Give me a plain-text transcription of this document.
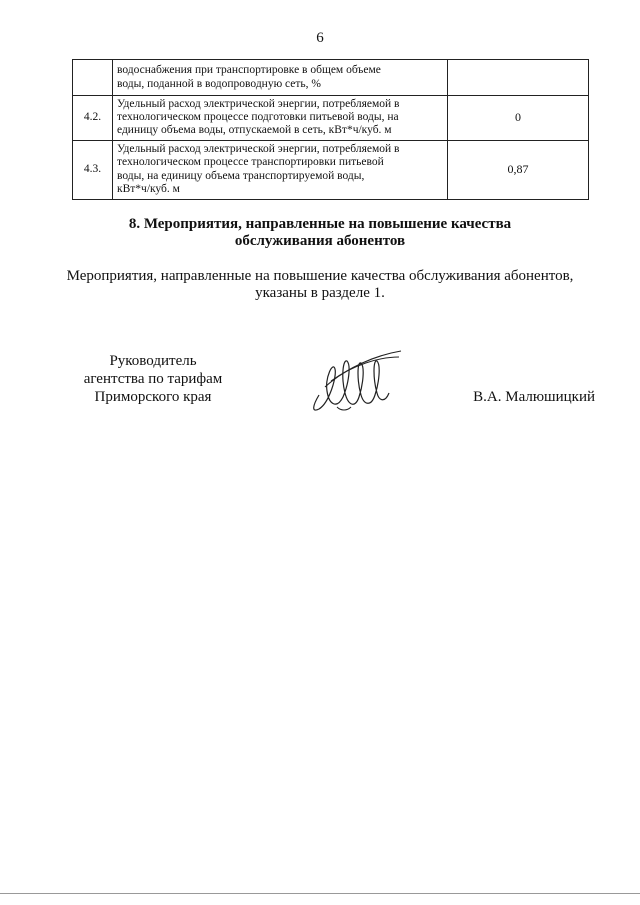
6

	водоснабжения при транспортировке в общем объеме
воды, поданной в водопроводную сеть, %	

4.2.	Удельный расход электрической энергии, потребляемой в
технологическом процессе подготовки питьевой воды, на
единицу объема воды, отпускаемой в сеть, кВт*ч/куб. м	0
4.3.	Удельный расход электрической энергии, потребляемой в
технологическом процессе транспортировки питьевой
воды, на единицу объема транспортируемой воды,
кВт*ч/куб. м	0,87
8. Мероприятия, направленные на повышение качества
обслуживания абонентов
Мероприятия, направленные на повышение качества обслуживания абонентов,
указаны в разделе 1.
Руководитель
агентства по тарифам
Приморского края	В.А. Малюшицкий
